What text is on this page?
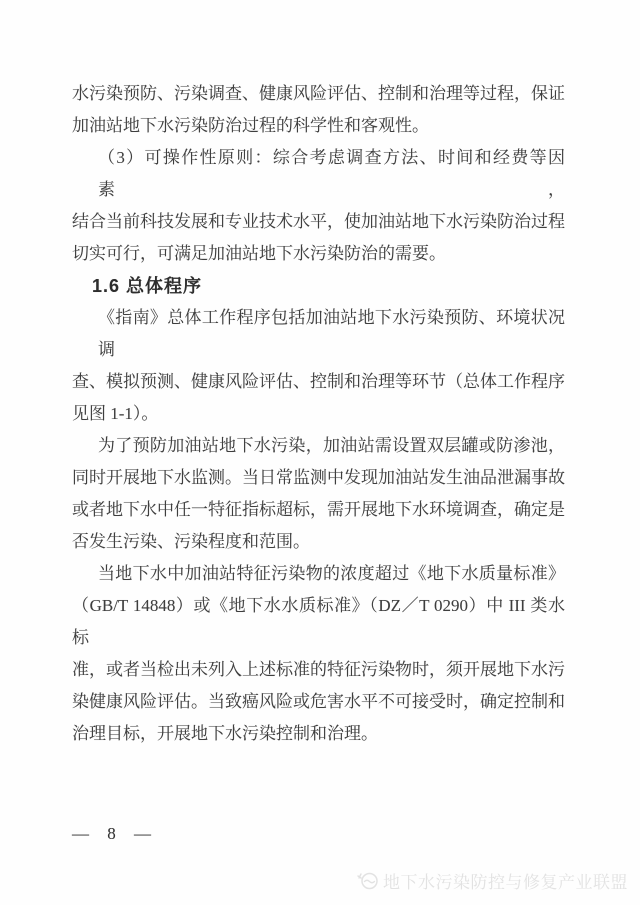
水污染预防、污染调查、健康风险评估、控制和治理等过程，保证
加油站地下水污染防治过程的科学性和客观性。
（3）可操作性原则：综合考虑调查方法、时间和经费等因素，
结合当前科技发展和专业技术水平，使加油站地下水污染防治过程
切实可行，可满足加油站地下水污染防治的需要。
1.6 总体程序
《指南》总体工作程序包括加油站地下水污染预防、环境状况调
查、模拟预测、健康风险评估、控制和治理等环节（总体工作程序
见图 1-1）。
为了预防加油站地下水污染，加油站需设置双层罐或防渗池，
同时开展地下水监测。当日常监测中发现加油站发生油品泄漏事故
或者地下水中任一特征指标超标，需开展地下水环境调查，确定是
否发生污染、污染程度和范围。
当地下水中加油站特征污染物的浓度超过《地下水质量标准》
（GB/T 14848）或《地下水水质标准》（DZ／T 0290）中 III 类水标
准，或者当检出未列入上述标准的特征污染物时，须开展地下水污
染健康风险评估。当致癌风险或危害水平不可接受时，确定控制和
治理目标，开展地下水污染控制和治理。
— 8 —
地下水污染防控与修复产业联盟
